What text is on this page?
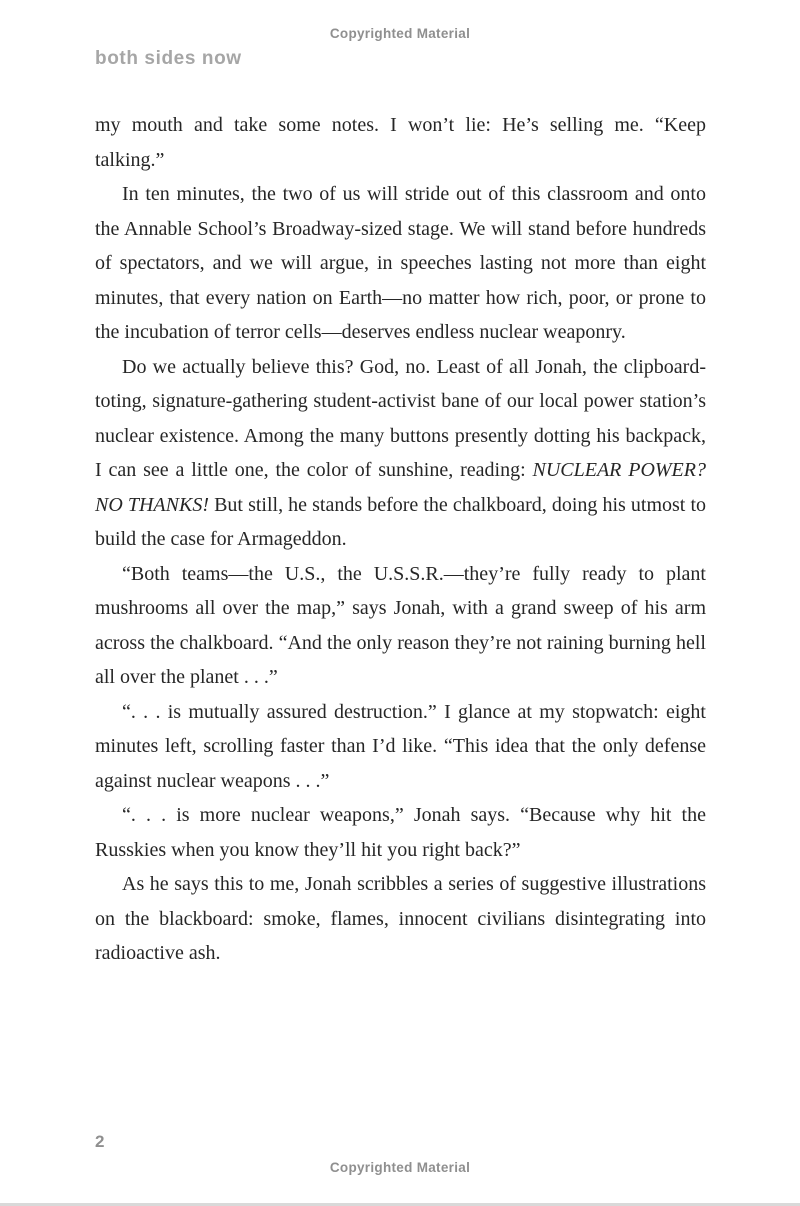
Copyrighted Material
both sides now

my mouth and take some notes. I won’t lie: He’s selling me. “Keep talking.”

In ten minutes, the two of us will stride out of this classroom and onto the Annable School’s Broadway-sized stage. We will stand before hundreds of spectators, and we will argue, in speeches lasting not more than eight minutes, that every nation on Earth—no matter how rich, poor, or prone to the incubation of terror cells—deserves endless nuclear weaponry.

Do we actually believe this? God, no. Least of all Jonah, the clipboard-toting, signature-gathering student-activist bane of our local power station’s nuclear existence. Among the many buttons presently dotting his backpack, I can see a little one, the color of sunshine, reading: NUCLEAR POWER? NO THANKS! But still, he stands before the chalkboard, doing his utmost to build the case for Armageddon.

“Both teams—the U.S., the U.S.S.R.—they’re fully ready to plant mushrooms all over the map,” says Jonah, with a grand sweep of his arm across the chalkboard. “And the only reason they’re not raining burning hell all over the planet . . .”

“. . . is mutually assured destruction.” I glance at my stopwatch: eight minutes left, scrolling faster than I’d like. “This idea that the only defense against nuclear weapons . . .”

“. . . is more nuclear weapons,” Jonah says. “Because why hit the Russkies when you know they’ll hit you right back?”

As he says this to me, Jonah scribbles a series of suggestive illustrations on the blackboard: smoke, flames, innocent civilians disintegrating into radioactive ash.

2
Copyrighted Material
